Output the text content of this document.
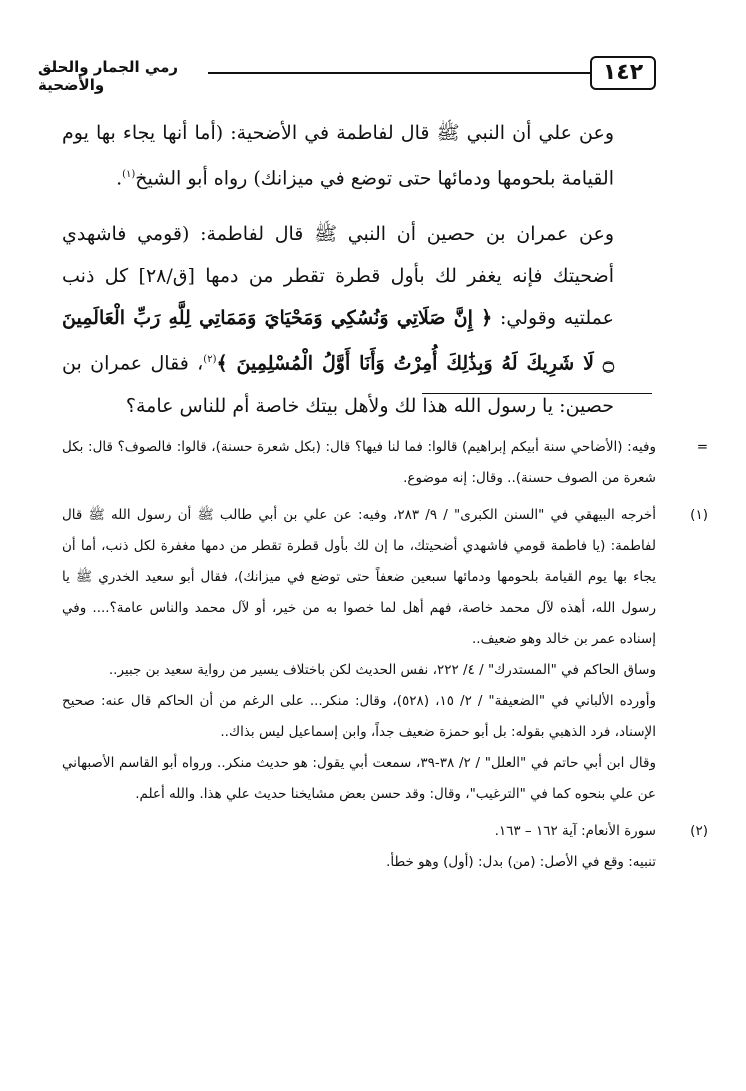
١٤٢
رمي الجمار والحلق والأضحية

وعن علي أن النبي ﷺ قال لفاطمة في الأضحية: (أما أنها يجاء بها يوم القيامة بلحومها ودمائها حتى توضع في ميزانك) رواه أبو الشيخ$^{(١)}$.

وعن عمران بن حصين أن النبي ﷺ قال لفاطمة: (قومي فاشهدي أضحيتك فإنه يغفر لك بأول قطرة تقطر من دمها [ق/٢٨] كل ذنب عملتيه وقولي: ﴿ إِنَّ صَلَاتِي وَنُسُكِي وَمَحْيَايَ وَمَمَاتِي لِلَّهِ رَبِّ الْعَالَمِينَ ۝ لَا شَرِيكَ لَهُ وَبِذَٰلِكَ أُمِرْتُ وَأَنَا أَوَّلُ الْمُسْلِمِينَ ﴾$^{(٢)}$، فقال عمران بن حصين: يا رسول الله هذا لك ولأهل بيتك خاصة أم للناس عامة؟

=

وفيه: (الأضاحي سنة أبيكم إبراهيم) قالوا: فما لنا فيها؟ قال: (بكل شعرة حسنة)، قالوا: فالصوف؟ قال: بكل شعرة من الصوف حسنة).. وقال: إنه موضوع.

(١)

أخرجه البيهقي في "السنن الكبرى" / ٩/ ٢٨٣، وفيه: عن علي بن أبي طالب ﷺ أن رسول الله ﷺ قال لفاطمة: (يا فاطمة قومي فاشهدي أضحيتك، ما إن لك بأول قطرة تقطر من دمها مغفرة لكل ذنب، أما أن يجاء بها يوم القيامة بلحومها ودمائها سبعين ضعفاً حتى توضع في ميزانك)، فقال أبو سعيد الخدري ﷺ يا رسول الله، أهذه لآل محمد خاصة، فهم أهل لما خصوا به من خير، أو لآل محمد والناس عامة؟.... وفي إسناده عمر بن خالد وهو ضعيف..

وساق الحاكم في "المستدرك" / ٤/ ٢٢٢، نفس الحديث لكن باختلاف يسير من رواية سعيد بن جبير..

وأورده الألباني في "الضعيفة" / ٢/ ١٥، (٥٢٨)، وقال: منكر... على الرغم من أن الحاكم قال عنه: صحيح الإسناد، فرد الذهبي بقوله: بل أبو حمزة ضعيف جداً، وابن إسماعيل ليس بذاك..

وقال ابن أبي حاتم في "العلل" / ٢/ ٣٨-٣٩، سمعت أبي يقول: هو حديث منكر.. ورواه أبو القاسم الأصبهاني عن علي بنحوه كما في "الترغيب"، وقال: وقد حسن بعض مشايخنا حديث علي هذا. والله أعلم.

(٢)

سورة الأنعام: آية ١٦٢ – ١٦٣.

تنبيه: وقع في الأصل: (من) بدل: (أول) وهو خطأ.
